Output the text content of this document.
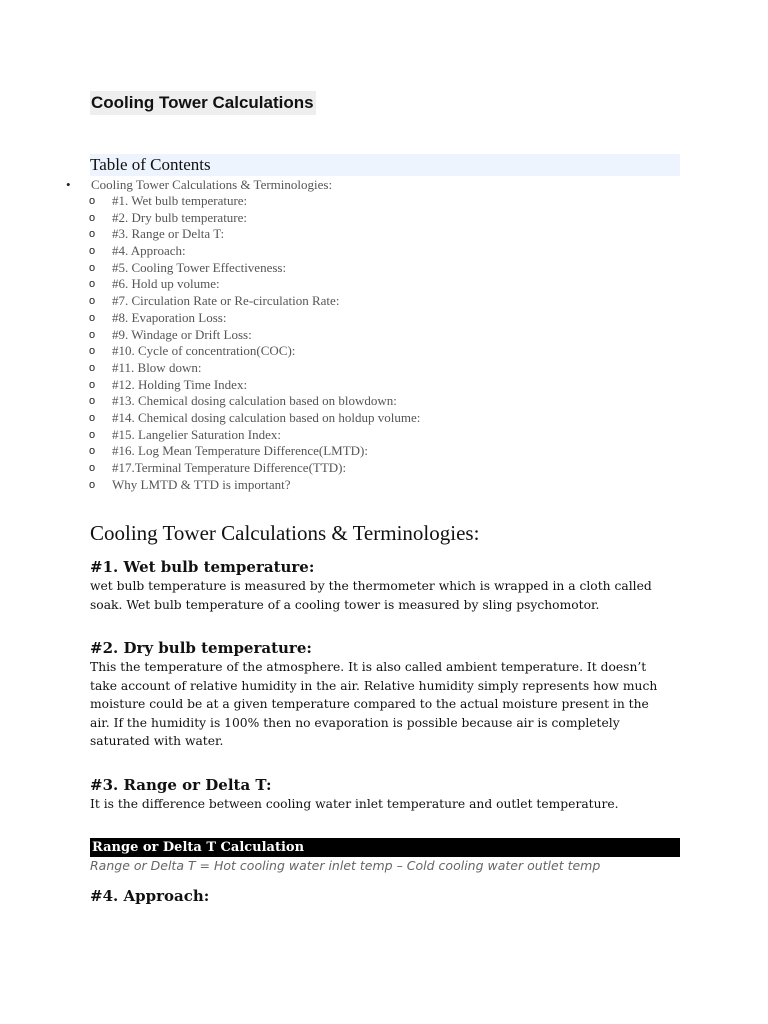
Cooling Tower Calculations
Table of Contents
• Cooling Tower Calculations & Terminologies:
o #1. Wet bulb temperature:
o #2. Dry bulb temperature:
o #3. Range or Delta T:
o #4. Approach:
o #5. Cooling Tower Effectiveness:
o #6. Hold up volume:
o #7. Circulation Rate or Re-circulation Rate:
o #8. Evaporation Loss:
o #9. Windage or Drift Loss:
o #10. Cycle of concentration(COC):
o #11. Blow down:
o #12. Holding Time Index:
o #13. Chemical dosing calculation based on blowdown:
o #14. Chemical dosing calculation based on holdup volume:
o #15. Langelier Saturation Index:
o #16. Log Mean Temperature Difference(LMTD):
o #17.Terminal Temperature Difference(TTD):
o Why LMTD & TTD is important?
Cooling Tower Calculations & Terminologies:
#1. Wet bulb temperature:

wet bulb temperature is measured by the thermometer which is wrapped in a cloth called
soak. Wet bulb temperature of a cooling tower is measured by sling psychomotor.

#2. Dry bulb temperature:

This the temperature of the atmosphere. It is also called ambient temperature. It doesn’t
take account of relative humidity in the air. Relative humidity simply represents how much
moisture could be at a given temperature compared to the actual moisture present in the
air. If the humidity is 100% then no evaporation is possible because air is completely
saturated with water.

#3. Range or Delta T:

It is the difference between cooling water inlet temperature and outlet temperature.

Range or Delta T Calculation
Range or Delta T = Hot cooling water inlet temp – Cold cooling water outlet temp
#4. Approach:
